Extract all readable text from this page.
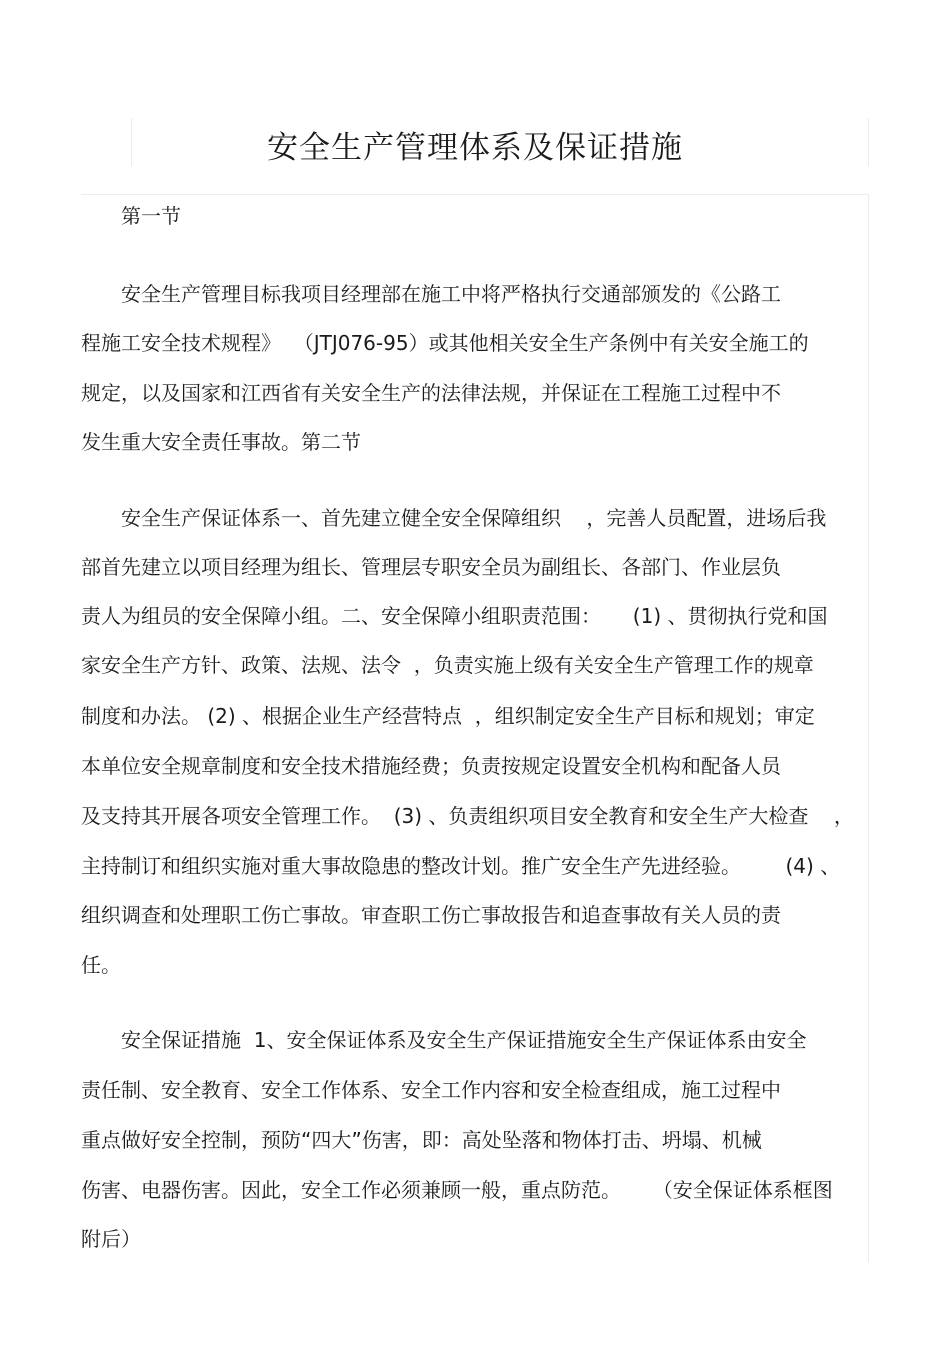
安全生产管理体系及保证措施
第一节
安全生产管理目标我项目经理部在施工中将严格执行交通部颁发的《公路工
程施工安全技术规程》  （JTJ076-95）或其他相关安全生产条例中有关安全施工的
规定，以及国家和江西省有关安全生产的法律法规，并保证在工程施工过程中不
发生重大安全责任事故。第二节
安全生产保证体系一、首先建立健全安全保障组织    ，完善人员配置，进场后我
部首先建立以项目经理为组长、管理层专职安全员为副组长、各部门、作业层负
责人为组员的安全保障小组。二、安全保障小组职责范围：     (1) 、贯彻执行党和国
家安全生产方针、政策、法规、法令  ，负责实施上级有关安全生产管理工作的规章
制度和办法。 (2) 、根据企业生产经营特点  ，组织制定安全生产目标和规划；审定
本单位安全规章制度和安全技术措施经费；负责按规定设置安全机构和配备人员
及支持其开展各项安全管理工作。  (3) 、负责组织项目安全教育和安全生产大检查    ，
主持制订和组织实施对重大事故隐患的整改计划。推广安全生产先进经验。       (4) 、
组织调查和处理职工伤亡事故。审查职工伤亡事故报告和追查事故有关人员的责
任。
安全保证措施  1、安全保证体系及安全生产保证措施安全生产保证体系由安全
责任制、安全教育、安全工作体系、安全工作内容和安全检查组成，施工过程中
重点做好安全控制，预防“四大”伤害，即：高处坠落和物体打击、坍塌、机械
伤害、电器伤害。因此，安全工作必须兼顾一般，重点防范。     （安全保证体系框图
附后）
